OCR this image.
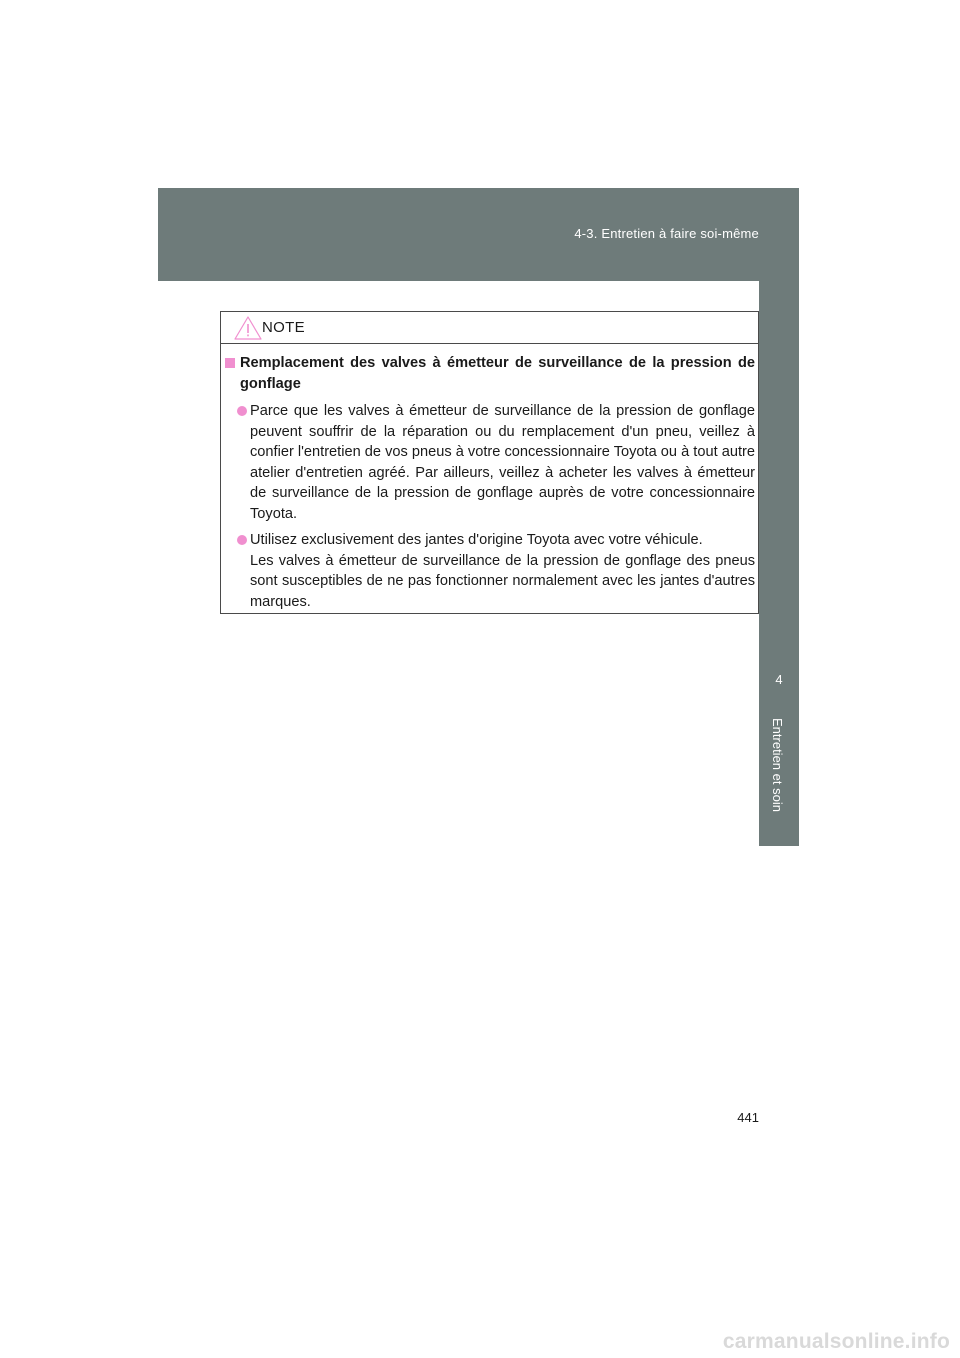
4-3. Entretien à faire soi-même
4
Entretien et soin
NOTE
Remplacement des valves à émetteur de surveillance de la pression de gonflage
Parce que les valves à émetteur de surveillance de la pression de gonflage peuvent souffrir de la réparation ou du remplacement d'un pneu, veillez à confier l'entretien de vos pneus à votre concessionnaire Toyota ou à tout autre atelier d'entretien agréé. Par ailleurs, veillez à acheter les valves à émetteur de surveillance de la pression de gonflage auprès de votre concessionnaire Toyota.
Utilisez exclusivement des jantes d'origine Toyota avec votre véhicule.
Les valves à émetteur de surveillance de la pression de gonflage des pneus sont susceptibles de ne pas fonctionner normalement avec les jantes d'autres marques.
441
carmanualsonline.info
